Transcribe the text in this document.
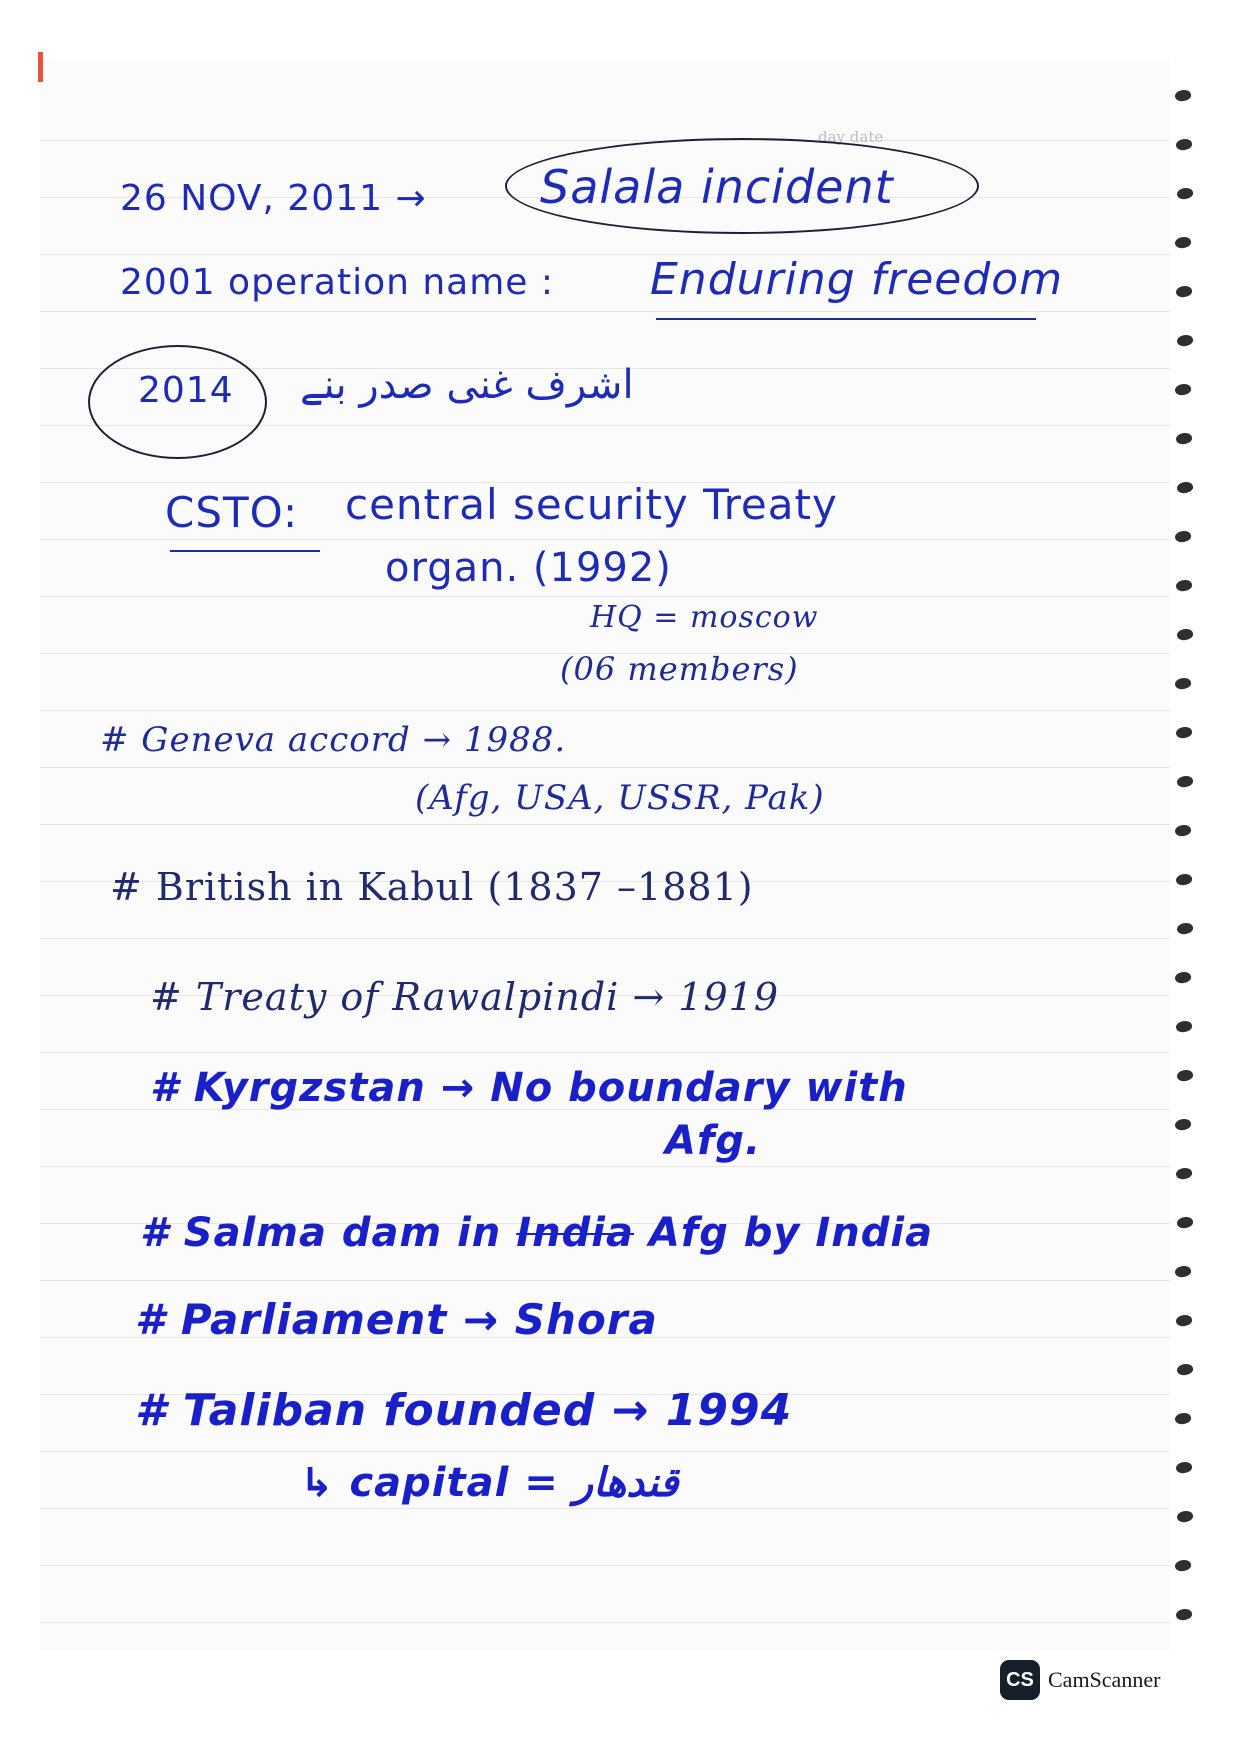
day date
26 NOV, 2011 → Salala incident
2001 operation name : Enduring freedom
2014 اشرف غنی صدر بنے
CSTO: central security Treaty
organ. (1992)
HQ = moscow
(06 members)
# Geneva accord → 1988.
(Afg, USA, USSR, Pak)
# British in Kabul (1837 –1881)
# Treaty of Rawalpindi → 1919
# Kyrgzstan → No boundary with
Afg.
# Salma dam in India Afg by India
# Parliament → Shora
# Taliban founded → 1994
↳ capital = قندھار
CS CamScanner
